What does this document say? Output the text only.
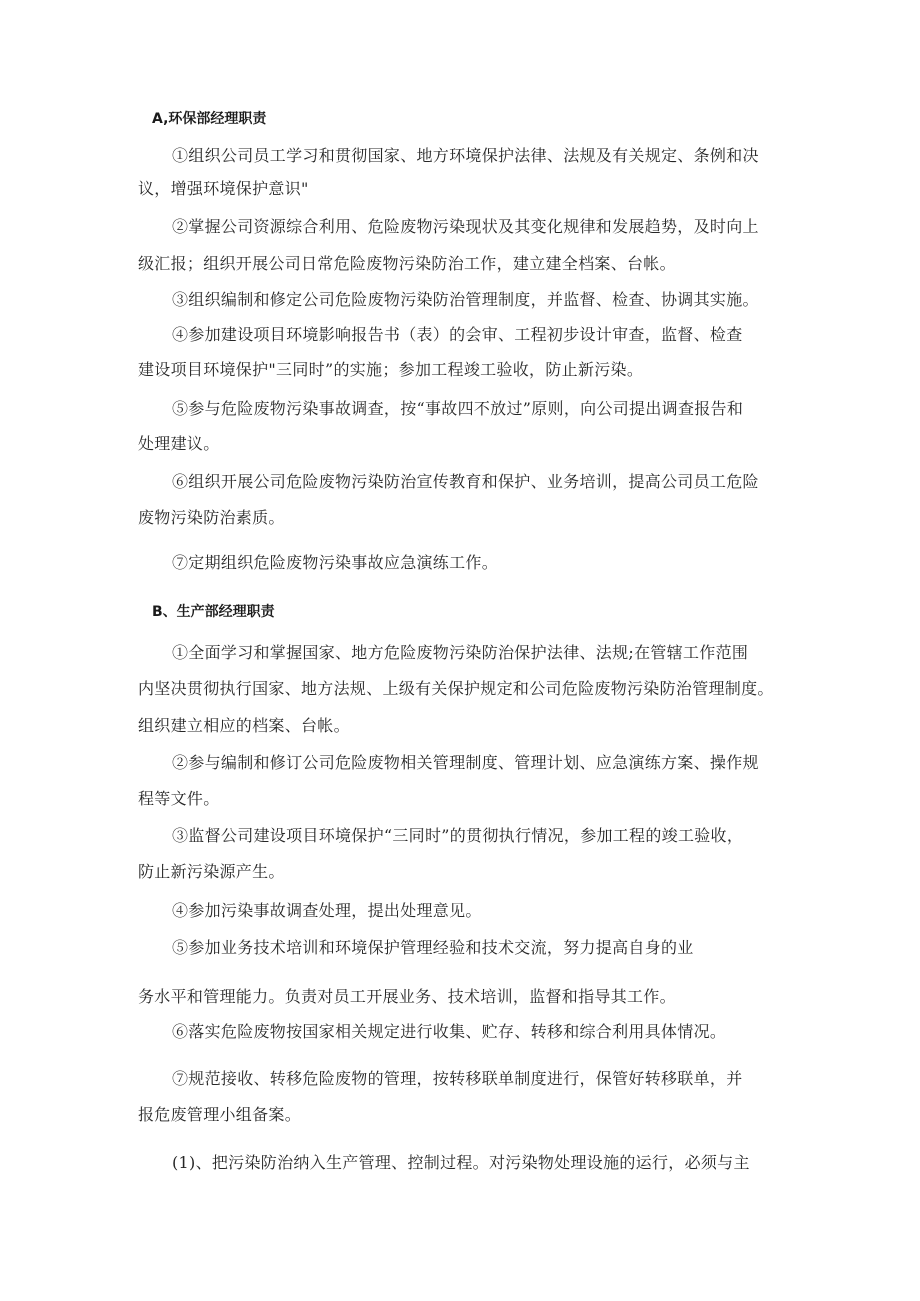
A,环保部经理职责
①组织公司员工学习和贯彻国家、地方环境保护法律、法规及有关规定、条例和决
议，增强环境保护意识"
②掌握公司资源综合利用、危险废物污染现状及其变化规律和发展趋势，及时向上
级汇报；组织开展公司日常危险废物污染防治工作，建立建全档案、台帐。
③组织编制和修定公司危险废物污染防治管理制度，并监督、检查、协调其实施。
④参加建设项目环境影响报告书（表）的会审、工程初步设计审查，监督、检查
建设项目环境保护"三同时”的实施；参加工程竣工验收，防止新污染。
⑤参与危险废物污染事故调查，按“事故四不放过”原则，向公司提出调查报告和
处理建议。
⑥组织开展公司危险废物污染防治宣传教育和保护、业务培训，提高公司员工危险
废物污染防治素质。
⑦定期组织危险废物污染事故应急演练工作。
B、生产部经理职责
①全面学习和掌握国家、地方危险废物污染防治保护法律、法规;在管辖工作范围
内坚决贯彻执行国家、地方法规、上级有关保护规定和公司危险废物污染防治管理制度。
组织建立相应的档案、台帐。
②参与编制和修订公司危险废物相关管理制度、管理计划、应急演练方案、操作规
程等文件。
③监督公司建设项目环境保护“三同时”的贯彻执行情况，参加工程的竣工验收，
防止新污染源产生。
④参加污染事故调查处理，提出处理意见。
⑤参加业务技术培训和环境保护管理经验和技术交流，努力提高自身的业
务水平和管理能力。负责对员工开展业务、技术培训，监督和指导其工作。
⑥落实危险废物按国家相关规定进行收集、贮存、转移和综合利用具体情况。
⑦规范接收、转移危险废物的管理，按转移联单制度进行，保管好转移联单，并
报危废管理小组备案。
(1)、把污染防治纳入生产管理、控制过程。对污染物处理设施的运行，必须与主
